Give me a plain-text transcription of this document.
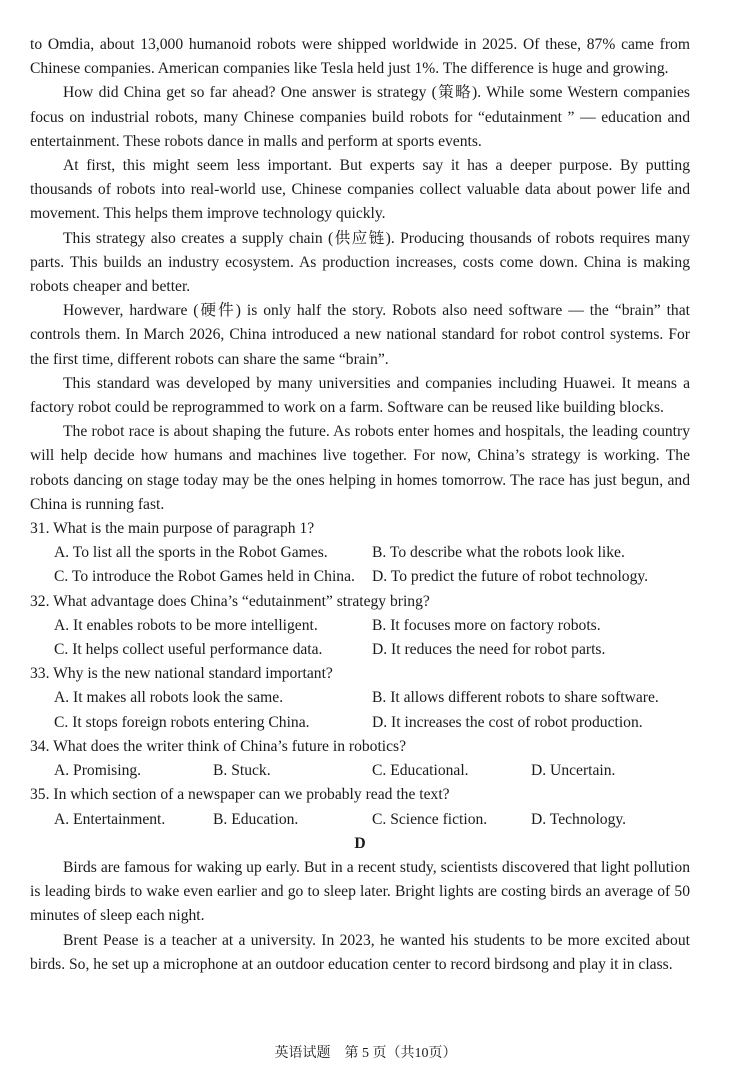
to Omdia, about 13,000 humanoid robots were shipped worldwide in 2025. Of these, 87% came from Chinese companies. American companies like Tesla held just 1%. The difference is huge and growing.

How did China get so far ahead? One answer is strategy (策略). While some Western companies focus on industrial robots, many Chinese companies build robots for “edutainment ” — education and entertainment. These robots dance in malls and perform at sports events.

At first, this might seem less important. But experts say it has a deeper purpose. By putting thousands of robots into real-world use, Chinese companies collect valuable data about power life and movement. This helps them improve technology quickly.

This strategy also creates a supply chain (供应链). Producing thousands of robots requires many parts. This builds an industry ecosystem. As production increases, costs come down. China is making robots cheaper and better.

However, hardware (硬件) is only half the story. Robots also need software — the “brain” that controls them. In March 2026, China introduced a new national standard for robot control systems. For the first time, different robots can share the same “brain”.

This standard was developed by many universities and companies including Huawei. It means a factory robot could be reprogrammed to work on a farm. Software can be reused like building blocks.

The robot race is about shaping the future. As robots enter homes and hospitals, the leading country will help decide how humans and machines live together. For now, China’s strategy is working. The robots dancing on stage today may be the ones helping in homes tomorrow. The race has just begun, and China is running fast.

31. What is the main purpose of paragraph 1?

A. To list all the sports in the Robot Games.	B. To describe what the robots look like.
C. To introduce the Robot Games held in China.	D. To predict the future of robot technology.

32. What advantage does China’s “edutainment” strategy bring?

A. It enables robots to be more intelligent.	B. It focuses more on factory robots.
C. It helps collect useful performance data.	D. It reduces the need for robot parts.

33. Why is the new national standard important?

A. It makes all robots look the same.	B. It allows different robots to share software.
C. It stops foreign robots entering China.	D. It increases the cost of robot production.

34. What does the writer think of China’s future in robotics?

A. Promising.	B. Stuck.	C. Educational.	D. Uncertain.

35. In which section of a newspaper can we probably read the text?

A. Entertainment.	B. Education.	C. Science fiction.	D. Technology.

D

Birds are famous for waking up early. But in a recent study, scientists discovered that light pollution is leading birds to wake even earlier and go to sleep later. Bright lights are costing birds an average of 50 minutes of sleep each night.

Brent Pease is a teacher at a university. In 2023, he wanted his students to be more excited about birds. So, he set up a microphone at an outdoor education center to record birdsong and play it in class.

英语试题　第 5 页（共10页）
